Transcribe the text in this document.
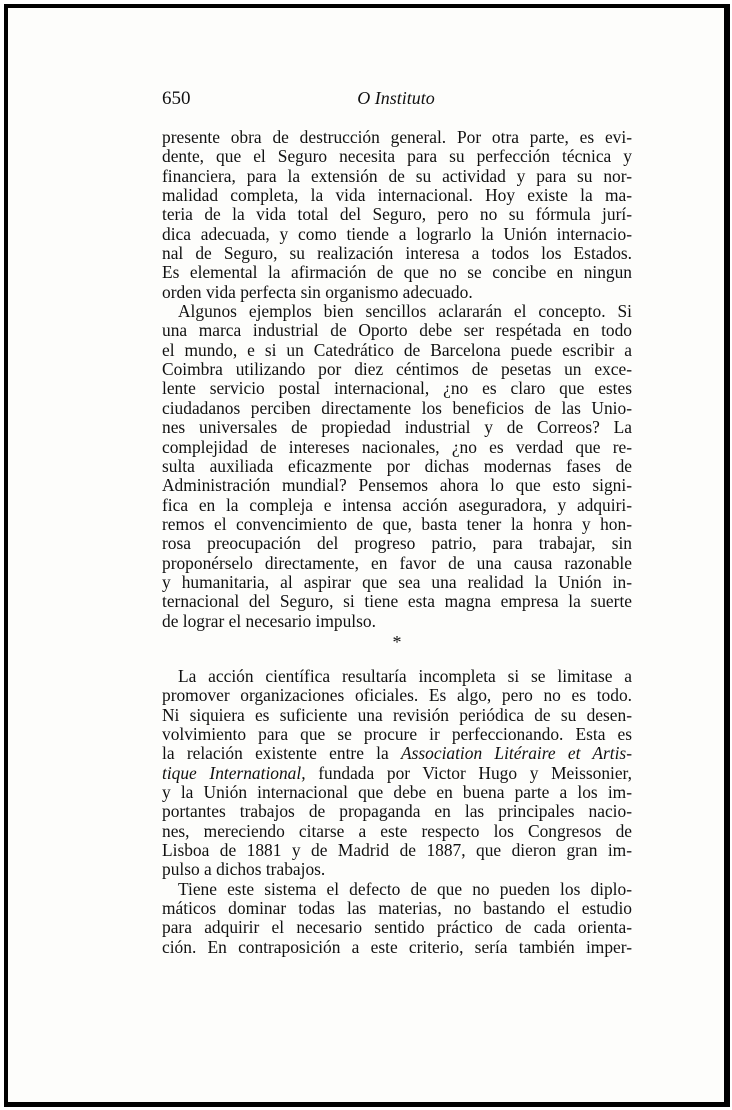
650	O Instituto
presente obra de destrucción general. Por otra parte, es evi-
dente, que el Seguro necesita para su perfección técnica y
financiera, para la extensión de su actividad y para su nor-
malidad completa, la vida internacional. Hoy existe la ma-
teria de la vida total del Seguro, pero no su fórmula jurí-
dica adecuada, y como tiende a lograrlo la Unión internacio-
nal de Seguro, su realización interesa a todos los Estados.
Es elemental la afirmación de que no se concibe en ningun
orden vida perfecta sin organismo adecuado.
Algunos ejemplos bien sencillos aclararán el concepto. Si
una marca industrial de Oporto debe ser respétada en todo
el mundo, e si un Catedrático de Barcelona puede escribir a
Coimbra utilizando por diez céntimos de pesetas un exce-
lente servicio postal internacional, ¿no es claro que estes
ciudadanos perciben directamente los beneficios de las Unio-
nes universales de propiedad industrial y de Correos? La
complejidad de intereses nacionales, ¿no es verdad que re-
sulta auxiliada eficazmente por dichas modernas fases de
Administración mundial? Pensemos ahora lo que esto signi-
fica en la compleja e intensa acción aseguradora, y adquiri-
remos el convencimiento de que, basta tener la honra y hon-
rosa preocupación del progreso patrio, para trabajar, sin
proponérselo directamente, en favor de una causa razonable
y humanitaria, al aspirar que sea una realidad la Unión in-
ternacional del Seguro, si tiene esta magna empresa la suerte
de lograr el necesario impulso.
*
La acción científica resultaría incompleta si se limitase a
promover organizaciones oficiales. Es algo, pero no es todo.
Ni siquiera es suficiente una revisión periódica de su desen-
volvimiento para que se procure ir perfeccionando. Esta es
la relación existente entre la Association Litéraire et Artis-
tique International, fundada por Victor Hugo y Meissonier,
y la Unión internacional que debe en buena parte a los im-
portantes trabajos de propaganda en las principales nacio-
nes, mereciendo citarse a este respecto los Congresos de
Lisboa de 1881 y de Madrid de 1887, que dieron gran im-
pulso a dichos trabajos.
Tiene este sistema el defecto de que no pueden los diplo-
máticos dominar todas las materias, no bastando el estudio
para adquirir el necesario sentido práctico de cada orienta-
ción. En contraposición a este criterio, sería también imper-
